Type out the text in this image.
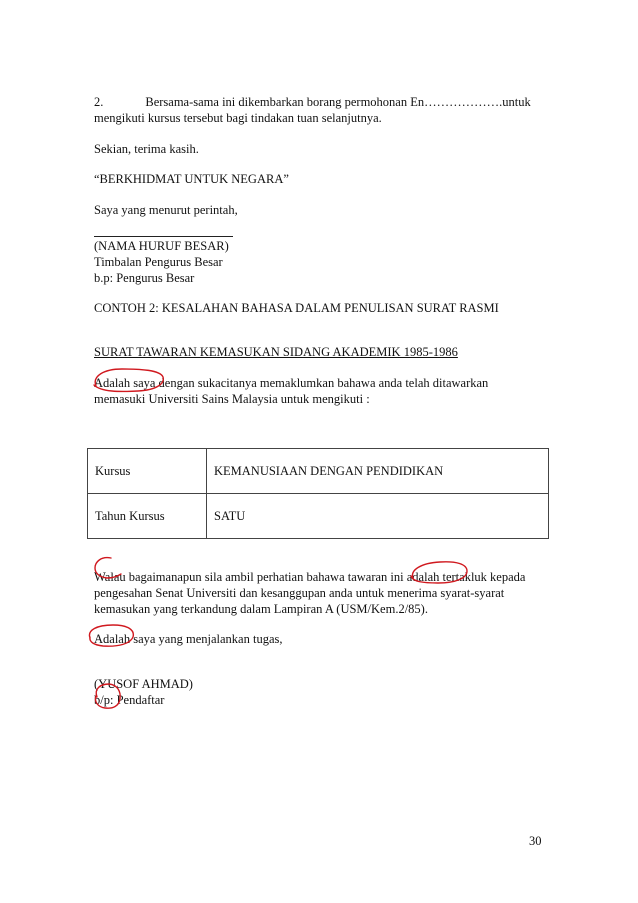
2.	Bersama-sama ini dikembarkan borang permohonan En……………….untuk
mengikuti kursus tersebut bagi tindakan tuan selanjutnya.
Sekian, terima kasih.
“BERKHIDMAT UNTUK NEGARA”
Saya yang menurut perintah,
(NAMA HURUF BESAR)
Timbalan Pengurus Besar
b.p: Pengurus Besar
CONTOH 2: KESALAHAN BAHASA DALAM PENULISAN SURAT RASMI
SURAT TAWARAN KEMASUKAN SIDANG AKADEMIK 1985-1986
Adalah saya dengan sukacitanya memaklumkan bahawa anda telah ditawarkan
memasuki Universiti Sains Malaysia untuk mengikuti :
Kursus	KEMANUSIAAN DENGAN PENDIDIKAN
Tahun Kursus	SATU
Walau bagaimanapun sila ambil perhatian bahawa tawaran ini adalah tertakluk kepada
pengesahan Senat Universiti dan kesanggupan anda untuk menerima syarat-syarat
kemasukan yang terkandung dalam Lampiran A (USM/Kem.2/85).
Adalah saya yang menjalankan tugas,
(YUSOF AHMAD)
b/p: Pendaftar
30
